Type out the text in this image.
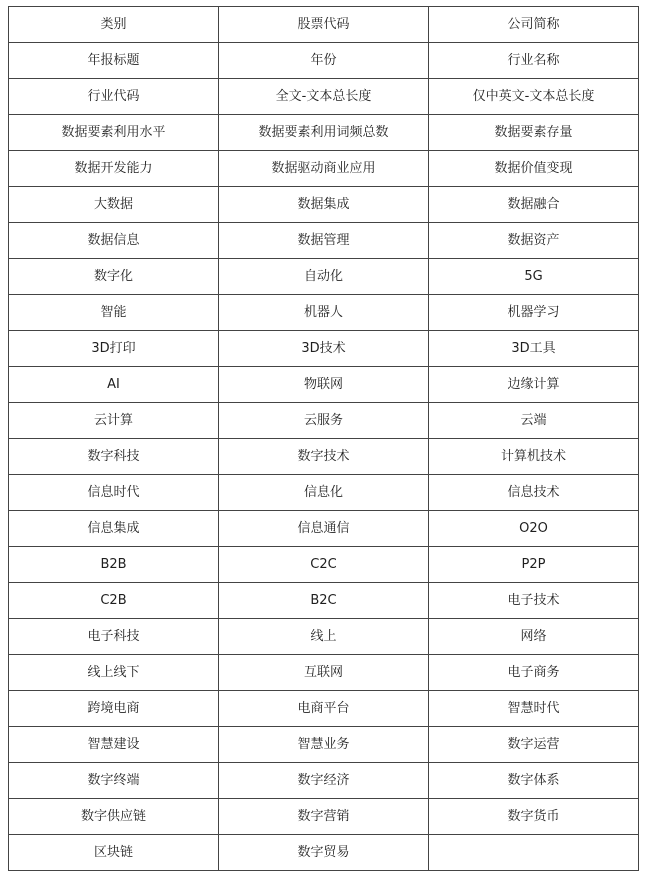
类别	股票代码	公司简称
年报标题	年份	行业名称
行业代码	全文-文本总长度	仅中英文-文本总长度
数据要素利用水平	数据要素利用词频总数	数据要素存量
数据开发能力	数据驱动商业应用	数据价值变现
大数据	数据集成	数据融合
数据信息	数据管理	数据资产
数字化	自动化	5G
智能	机器人	机器学习
3D打印	3D技术	3D工具
AI	物联网	边缘计算
云计算	云服务	云端
数字科技	数字技术	计算机技术
信息时代	信息化	信息技术
信息集成	信息通信	O2O
B2B	C2C	P2P
C2B	B2C	电子技术
电子科技	线上	网络
线上线下	互联网	电子商务
跨境电商	电商平台	智慧时代
智慧建设	智慧业务	数字运营
数字终端	数字经济	数字体系
数字供应链	数字营销	数字货币
区块链	数字贸易	
